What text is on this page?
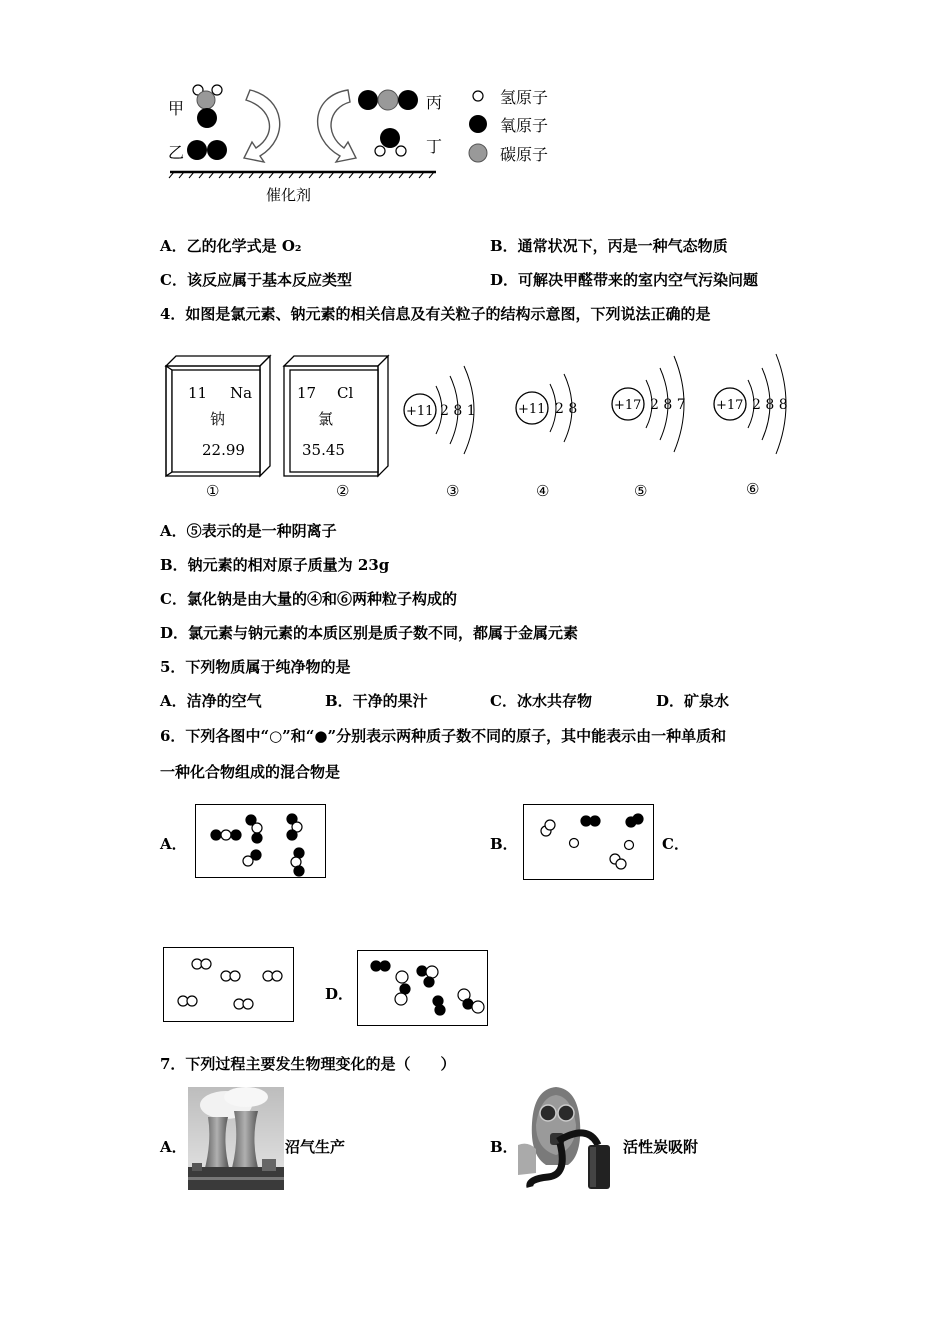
甲
乙
丙
丁
催化剂
氢原子
氧原子
碳原子
A．乙的化学式是 O₂	B．通常状况下，丙是一种气态物质
C．该反应属于基本反应类型	D．可解决甲醛带来的室内空气污染问题
4．如图是氯元素、钠元素的相关信息及有关粒子的结构示意图，下列说法正确的是
11 Na
钠
22.99
17 Cl
氯
35.45
①	②
+11 2 8 1
③
+11 2 8
④
+17 2 8 7
⑤
+17 2 8 8
⑥
A．⑤表示的是一种阴离子
B．钠元素的相对原子质量为 23g
C．氯化钠是由大量的④和⑥两种粒子构成的
D．氯元素与钠元素的本质区别是质子数不同，都属于金属元素
5．下列物质属于纯净物的是
A．洁净的空气	B．干净的果汁	C．冰水共存物	D．矿泉水
6．下列各图中“○”和“●”分别表示两种质子数不同的原子，其中能表示由一种单质和
一种化合物组成的混合物是
A．	B．	C．
D．
7．下列过程主要发生物理变化的是（　　）
A．	沼气生产	B．	活性炭吸附
